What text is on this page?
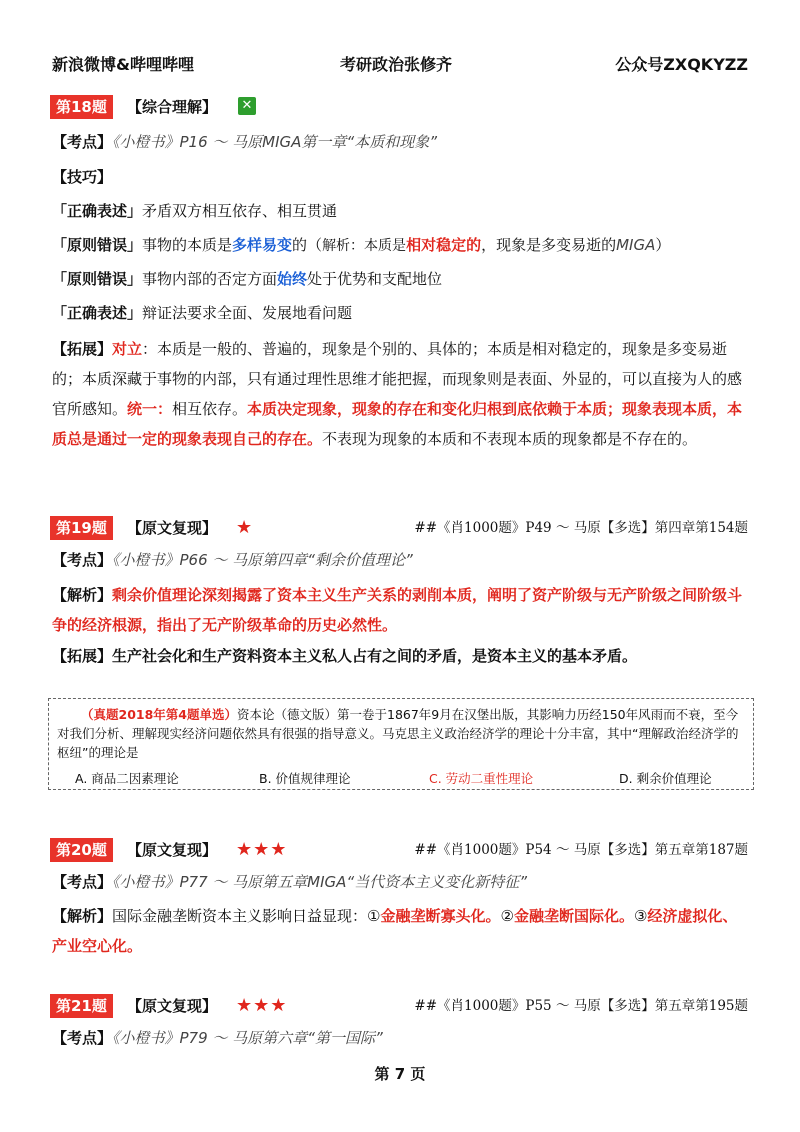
新浪微博&哔哩哔哩	考研政治张修齐	公众号ZXQKYZZ
第18题	【综合理解】 ✕
【考点】《小橙书》P16 ～ 马原MIGA第一章“本质和现象”
【技巧】
「正确表述」矛盾双方相互依存、相互贯通
「原则错误」事物的本质是多样易变的（解析：本质是相对稳定的，现象是多变易逝的MIGA）
「原则错误」事物内部的否定方面始终处于优势和支配地位
「正确表述」辩证法要求全面、发展地看问题
【拓展】对立：本质是一般的、普遍的，现象是个别的、具体的；本质是相对稳定的，现象是多变易逝的；本质深藏于事物的内部，只有通过理性思维才能把握，而现象则是表面、外显的，可以直接为人的感官所感知。统一：相互依存。本质决定现象，现象的存在和变化归根到底依赖于本质；现象表现本质，本质总是通过一定的现象表现自己的存在。不表现为现象的本质和不表现本质的现象都是不存在的。
第19题	【原文复现】 ★	##《肖1000题》P49 ～ 马原【多选】第四章第154题
【考点】《小橙书》P66 ～ 马原第四章“剩余价值理论”
【解析】剩余价值理论深刻揭露了资本主义生产关系的剥削本质，阐明了资产阶级与无产阶级之间阶级斗争的经济根源，指出了无产阶级革命的历史必然性。
【拓展】生产社会化和生产资料资本主义私人占有之间的矛盾，是资本主义的基本矛盾。
（真题2018年第4题单选）资本论（德文版）第一卷于1867年9月在汉堡出版，其影响力历经150年风雨而不衰，至今对我们分析、理解现实经济问题依然具有很强的指导意义。马克思主义政治经济学的理论十分丰富，其中“理解政治经济学的枢纽”的理论是
A. 商品二因素理论	B. 价值规律理论	C. 劳动二重性理论	D. 剩余价值理论
第20题	【原文复现】 ★★★	##《肖1000题》P54 ～ 马原【多选】第五章第187题
【考点】《小橙书》P77 ～ 马原第五章MIGA“当代资本主义变化新特征”
【解析】国际金融垄断资本主义影响日益显现：①金融垄断寡头化。②金融垄断国际化。③经济虚拟化、产业空心化。
第21题	【原文复现】 ★★★	##《肖1000题》P55 ～ 马原【多选】第五章第195题
【考点】《小橙书》P79 ～ 马原第六章“第一国际”
第 7 页
